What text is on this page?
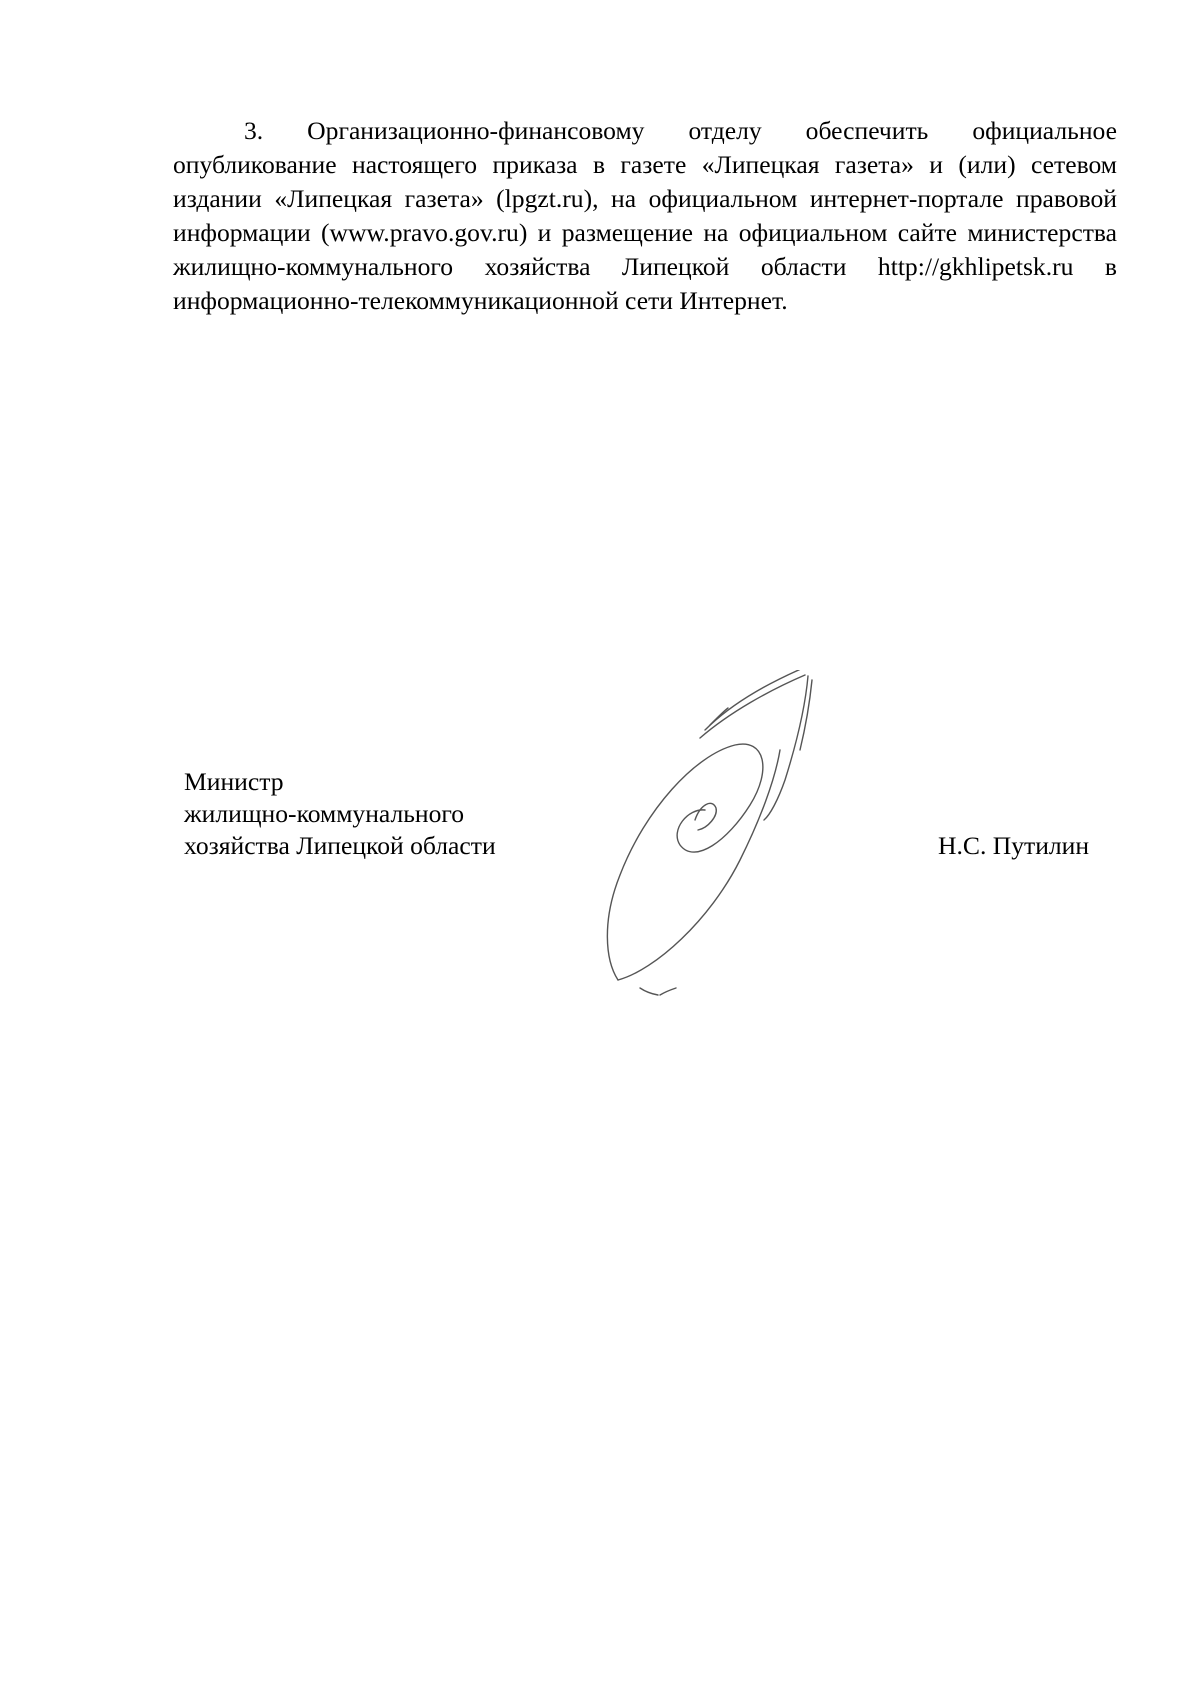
3. Организационно-финансовому отделу обеспечить официальное опубликование настоящего приказа в газете «Липецкая газета» и (или) сетевом издании «Липецкая газета» (lpgzt.ru), на официальном интернет-портале правовой информации (www.pravo.gov.ru) и размещение на официальном сайте министерства жилищно-коммунального хозяйства Липецкой области http://gkhlipetsk.ru в информационно-телекоммуникационной сети Интернет.

Министр
жилищно-коммунального
хозяйства Липецкой области	Н.С. Путилин
